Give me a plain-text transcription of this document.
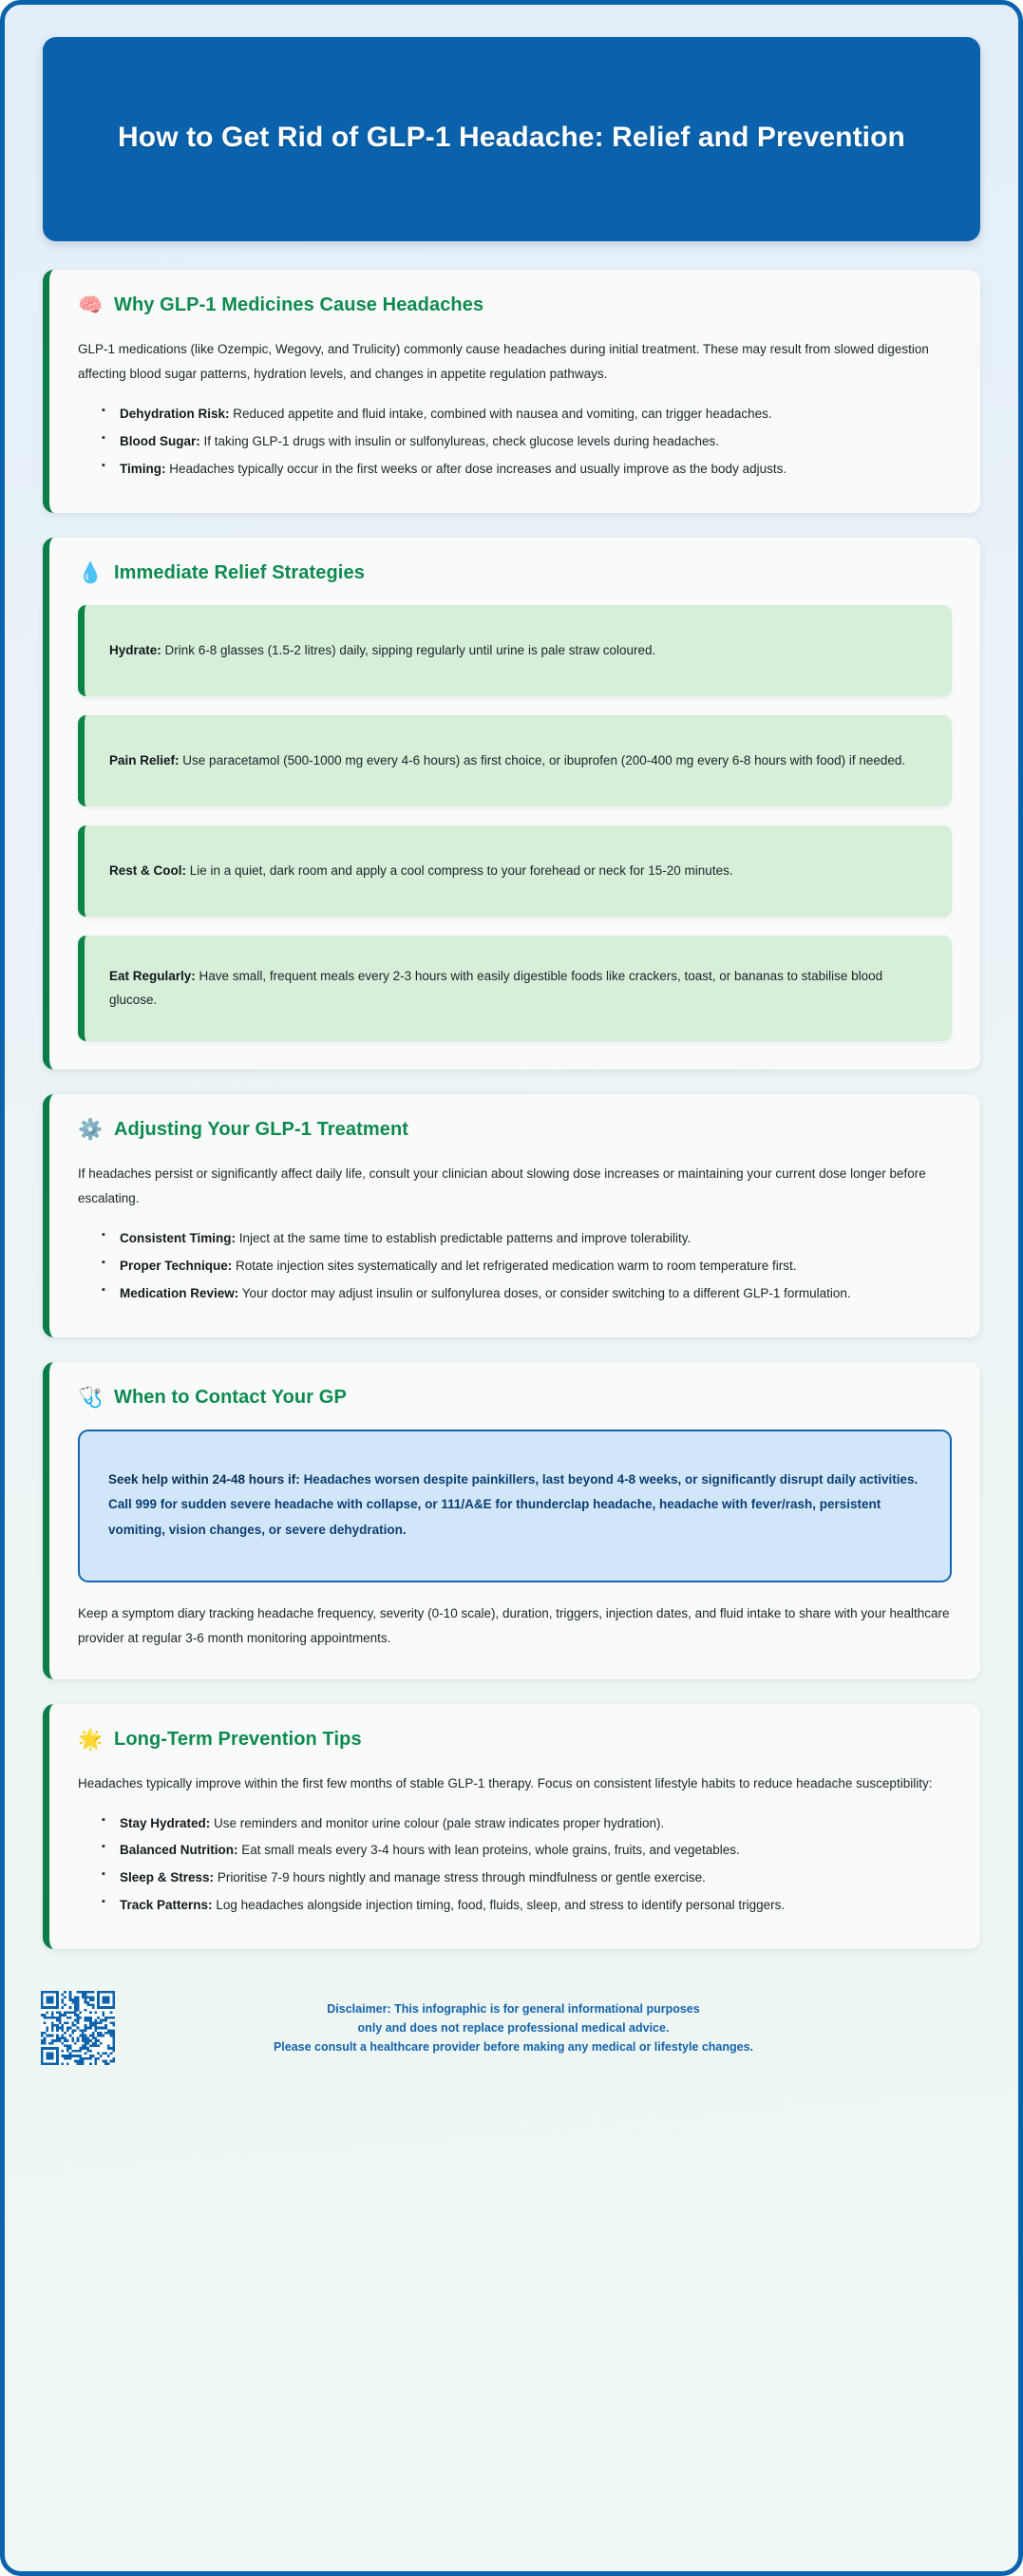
How to Get Rid of GLP-1 Headache: Relief and Prevention
🧠 Why GLP-1 Medicines Cause Headaches
GLP-1 medications (like Ozempic, Wegovy, and Trulicity) commonly cause headaches during initial treatment. These may result from slowed digestion affecting blood sugar patterns, hydration levels, and changes in appetite regulation pathways.
▪ Dehydration Risk: Reduced appetite and fluid intake, combined with nausea and vomiting, can trigger headaches.
▪ Blood Sugar: If taking GLP-1 drugs with insulin or sulfonylureas, check glucose levels during headaches.
▪ Timing: Headaches typically occur in the first weeks or after dose increases and usually improve as the body adjusts.
💧 Immediate Relief Strategies
Hydrate: Drink 6-8 glasses (1.5-2 litres) daily, sipping regularly until urine is pale straw coloured.
Pain Relief: Use paracetamol (500-1000 mg every 4-6 hours) as first choice, or ibuprofen (200-400 mg every 6-8 hours with food) if needed.
Rest & Cool: Lie in a quiet, dark room and apply a cool compress to your forehead or neck for 15-20 minutes.
Eat Regularly: Have small, frequent meals every 2-3 hours with easily digestible foods like crackers, toast, or bananas to stabilise blood glucose.
⚙️ Adjusting Your GLP-1 Treatment
If headaches persist or significantly affect daily life, consult your clinician about slowing dose increases or maintaining your current dose longer before escalating.
▪ Consistent Timing: Inject at the same time to establish predictable patterns and improve tolerability.
▪ Proper Technique: Rotate injection sites systematically and let refrigerated medication warm to room temperature first.
▪ Medication Review: Your doctor may adjust insulin or sulfonylurea doses, or consider switching to a different GLP-1 formulation.
🩺 When to Contact Your GP
Seek help within 24-48 hours if: Headaches worsen despite painkillers, last beyond 4-8 weeks, or significantly disrupt daily activities. Call 999 for sudden severe headache with collapse, or 111/A&E for thunderclap headache, headache with fever/rash, persistent vomiting, vision changes, or severe dehydration.
Keep a symptom diary tracking headache frequency, severity (0-10 scale), duration, triggers, injection dates, and fluid intake to share with your healthcare provider at regular 3-6 month monitoring appointments.
🌟 Long-Term Prevention Tips
Headaches typically improve within the first few months of stable GLP-1 therapy. Focus on consistent lifestyle habits to reduce headache susceptibility:
▪ Stay Hydrated: Use reminders and monitor urine colour (pale straw indicates proper hydration).
▪ Balanced Nutrition: Eat small meals every 3-4 hours with lean proteins, whole grains, fruits, and vegetables.
▪ Sleep & Stress: Prioritise 7-9 hours nightly and manage stress through mindfulness or gentle exercise.
▪ Track Patterns: Log headaches alongside injection timing, food, fluids, sleep, and stress to identify personal triggers.
Disclaimer: This infographic is for general informational purposes
only and does not replace professional medical advice.
Please consult a healthcare provider before making any medical or lifestyle changes.
